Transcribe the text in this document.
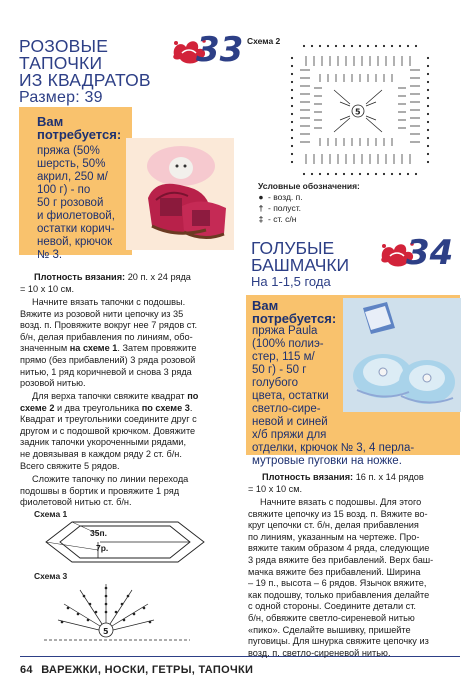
РОЗОВЫЕ
ТАПОЧКИ
ИЗ КВАДРАТОВ
Размер: 39
33
Вам потребуется:
пряжа (50%
шерсть, 50%
акрил, 250 м/
100 г) - по
50 г розовой
и фиолетовой,
остатки корич-
невой, крючок
№ 3.
Плотность вязания: 20 п. х 24 ряда
= 10 х 10 см.
Начните вязать тапочки с подошвы.
Вяжите из розовой нити цепочку из 35
возд. п. Провяжите вокруг нее 7 рядов ст.
б/н, делая прибавления по линиям, обо-
значенным на схеме 1. Затем провяжите
прямо (без прибавлений) 3 ряда розовой
нитью, 1 ряд коричневой и снова 3 ряда
розовой нитью.
Для верха тапочки свяжите квадрат по
схеме 2 и два треугольника по схеме 3.
Квадрат и треугольники соедините друг с
другом и с подошвой крючком. Довяжите
задник тапочки укороченными рядами,
не довязывая в каждом ряду 2 ст. б/н.
Всего свяжите 5 рядов.
Сложите тапочку по линии перехода
подошвы в бортик и провяжите 1 ряд
фиолетовой нитью ст. б/н.
Схема 1
35п.
7р.
Схема 3
5
64 ВАРЕЖКИ, НОСКИ, ГЕТРЫ, ТАПОЧКИ
Схема 2
5
Условные обозначения:
● - возд. п.
† - полуст.
‡ - ст. с/н
ГОЛУБЫЕ
БАШМАЧКИ
На 1-1,5 года
34
Вам
потребуется:
пряжа Paula
(100% полиэ-
стер, 115 м/
50 г) - 50 г
голубого
цвета, остатки
светло-сире-
невой и синей
х/б пряжи для
отделки, крючок № 3, 4 перла-
мутровые пуговки на ножке.
Плотность вязания: 16 п. х 14 рядов
= 10 х 10 см.
Начните вязать с подошвы. Для этого
свяжите цепочку из 15 возд. п. Вяжите во-
круг цепочки ст. б/н, делая прибавления
по линиям, указанным на чертеже. Про-
вяжите таким образом 4 ряда, следующие
3 ряда вяжите без прибавлений. Верх баш-
мачка вяжите без прибавлений. Ширина
– 19 п., высота – 6 рядов. Язычок вяжите,
как подошву, только прибавления делайте
с одной стороны. Соедините детали ст.
б/н, обвяжите светло-сиреневой нитью
«пико». Сделайте вышивку, пришейте
пуговицы. Для шнурка свяжите цепочку из
возд. п. светло-сиреневой нитью.
